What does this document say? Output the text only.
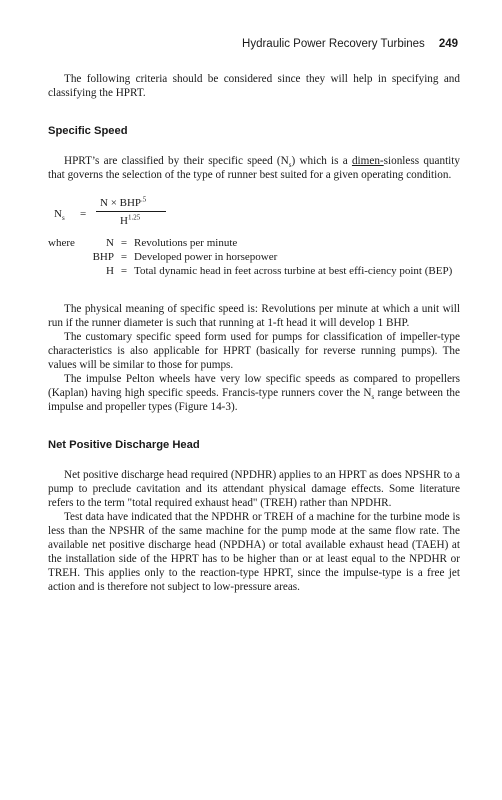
Hydraulic Power Recovery Turbines 249

The following criteria should be considered since they will help in specifying and classifying the HPRT.

Specific Speed

HPRT’s are classified by their specific speed $(N_s)$ which is a dimen-sionless quantity that governs the selection of the type of runner best suited for a given operating condition.

$N_s$ =
$N \times BHP^{.5}$
$H^{1.25}$
where	N = Revolutions per minute
BHP = Developed power in horsepower
H = Total dynamic head in feet across turbine at best effi-ciency point (BEP)

The physical meaning of specific speed is: Revolutions per minute at which a unit will run if the runner diameter is such that running at 1-ft head it will develop 1 BHP.

The customary specific speed form used for pumps for classification of impeller-type characteristics is also applicable for HPRT (basically for reverse running pumps). The values will be similar to those for pumps.

The impulse Pelton wheels have very low specific speeds as compared to propellers (Kaplan) having high specific speeds. Francis-type runners cover the $N_s$ range between the impulse and propeller types (Figure 14-3).

Net Positive Discharge Head

Net positive discharge head required (NPDHR) applies to an HPRT as does NPSHR to a pump to preclude cavitation and its attendant physical damage effects. Some literature refers to the term "total required exhaust head" (TREH) rather than NPDHR.

Test data have indicated that the NPDHR or TREH of a machine for the turbine mode is less than the NPSHR of the same machine for the pump mode at the same flow rate. The available net positive discharge head (NPDHA) or total available exhaust head (TAEH) at the installation side of the HPRT has to be higher than or at least equal to the NPDHR or TREH. This applies only to the reaction-type HPRT, since the impulse-type is a free jet action and is therefore not subject to low-pressure areas.
